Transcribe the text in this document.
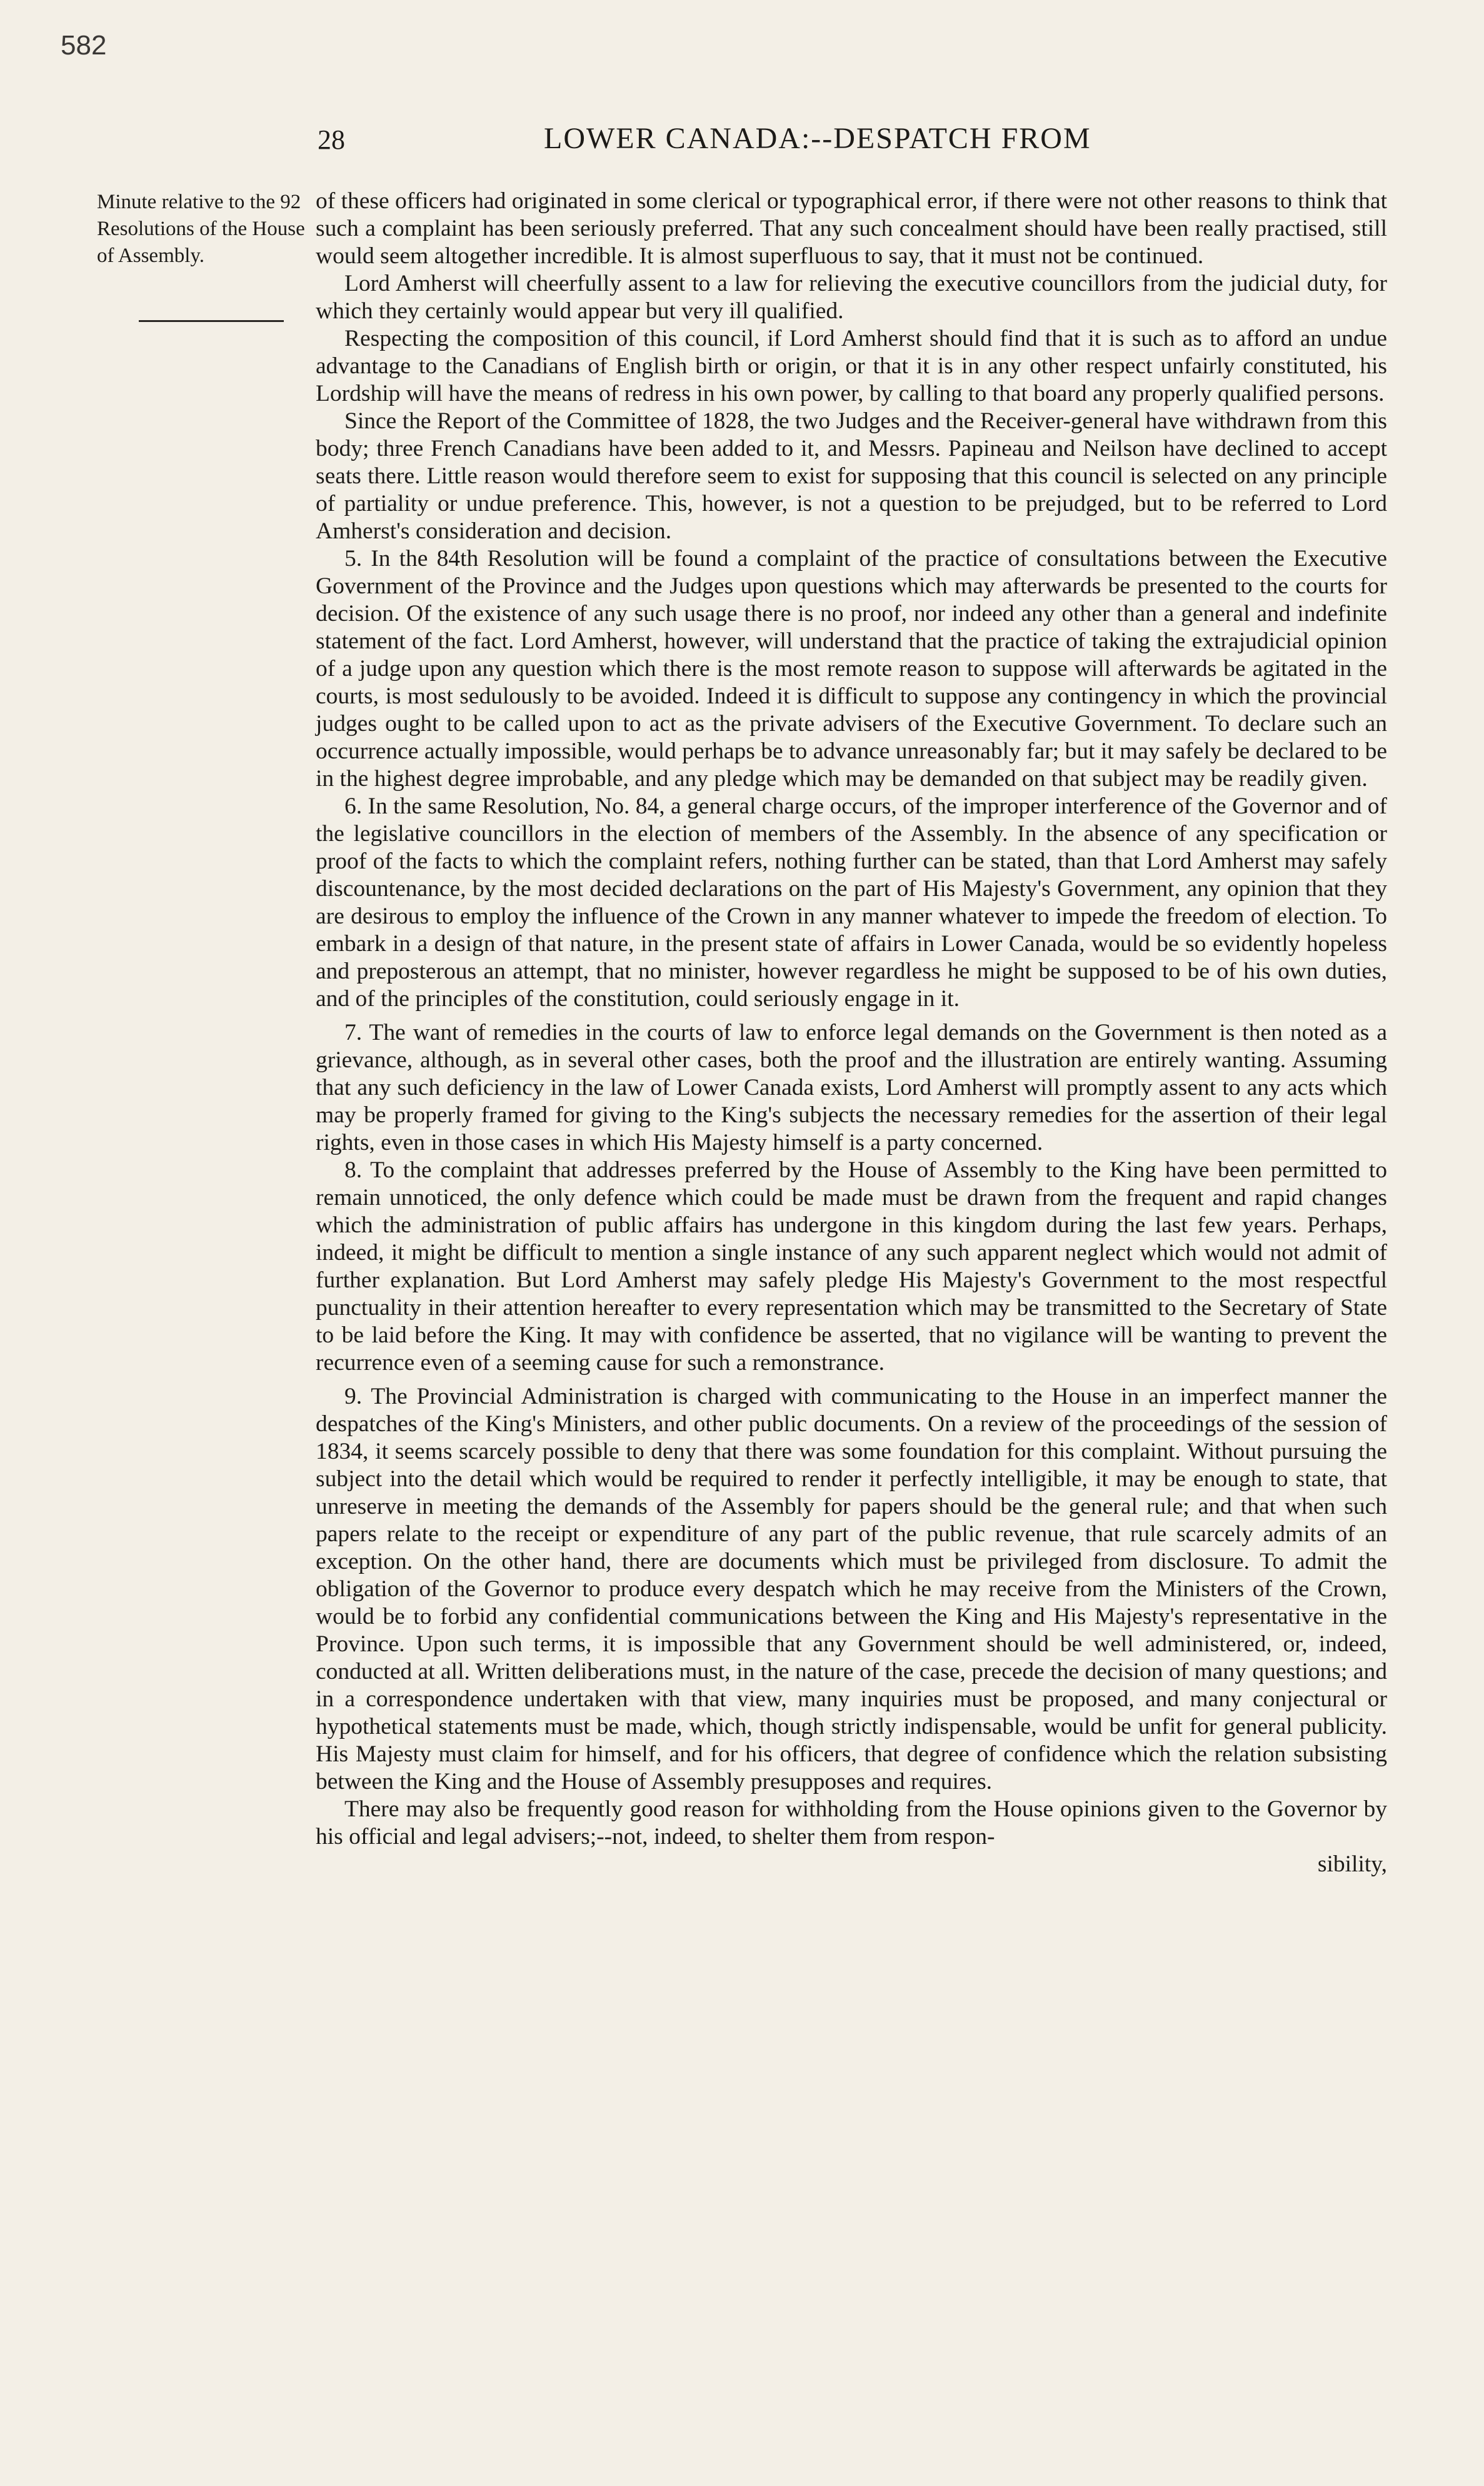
582
28	LOWER CANADA:--DESPATCH FROM
Minute relative to the 92 Resolutions of the House of Assembly.

of these officers had originated in some clerical or typographical error, if there were not other reasons to think that such a complaint has been seriously preferred. That any such concealment should have been really practised, still would seem altogether incredible. It is almost superfluous to say, that it must not be continued.

Lord Amherst will cheerfully assent to a law for relieving the executive councillors from the judicial duty, for which they certainly would appear but very ill qualified.

Respecting the composition of this council, if Lord Amherst should find that it is such as to afford an undue advantage to the Canadians of English birth or origin, or that it is in any other respect unfairly constituted, his Lordship will have the means of redress in his own power, by calling to that board any properly qualified persons.

Since the Report of the Committee of 1828, the two Judges and the Receiver-general have withdrawn from this body; three French Canadians have been added to it, and Messrs. Papineau and Neilson have declined to accept seats there. Little reason would therefore seem to exist for supposing that this council is selected on any principle of partiality or undue preference. This, however, is not a question to be prejudged, but to be referred to Lord Amherst's consideration and decision.

5. In the 84th Resolution will be found a complaint of the practice of consultations between the Executive Government of the Province and the Judges upon questions which may afterwards be presented to the courts for decision. Of the existence of any such usage there is no proof, nor indeed any other than a general and indefinite statement of the fact. Lord Amherst, however, will understand that the practice of taking the extrajudicial opinion of a judge upon any question which there is the most remote reason to suppose will afterwards be agitated in the courts, is most sedulously to be avoided. Indeed it is difficult to suppose any contingency in which the provincial judges ought to be called upon to act as the private advisers of the Executive Government. To declare such an occurrence actually impossible, would perhaps be to advance unreasonably far; but it may safely be declared to be in the highest degree improbable, and any pledge which may be demanded on that subject may be readily given.

6. In the same Resolution, No. 84, a general charge occurs, of the improper interference of the Governor and of the legislative councillors in the election of members of the Assembly. In the absence of any specification or proof of the facts to which the complaint refers, nothing further can be stated, than that Lord Amherst may safely discountenance, by the most decided declarations on the part of His Majesty's Government, any opinion that they are desirous to employ the influence of the Crown in any manner whatever to impede the freedom of election. To embark in a design of that nature, in the present state of affairs in Lower Canada, would be so evidently hopeless and preposterous an attempt, that no minister, however regardless he might be supposed to be of his own duties, and of the principles of the constitution, could seriously engage in it.

7. The want of remedies in the courts of law to enforce legal demands on the Government is then noted as a grievance, although, as in several other cases, both the proof and the illustration are entirely wanting. Assuming that any such deficiency in the law of Lower Canada exists, Lord Amherst will promptly assent to any acts which may be properly framed for giving to the King's subjects the necessary remedies for the assertion of their legal rights, even in those cases in which His Majesty himself is a party concerned.

8. To the complaint that addresses preferred by the House of Assembly to the King have been permitted to remain unnoticed, the only defence which could be made must be drawn from the frequent and rapid changes which the administration of public affairs has undergone in this kingdom during the last few years. Perhaps, indeed, it might be difficult to mention a single instance of any such apparent neglect which would not admit of further explanation. But Lord Amherst may safely pledge His Majesty's Government to the most respectful punctuality in their attention hereafter to every representation which may be transmitted to the Secretary of State to be laid before the King. It may with confidence be asserted, that no vigilance will be wanting to prevent the recurrence even of a seeming cause for such a remonstrance.

9. The Provincial Administration is charged with communicating to the House in an imperfect manner the despatches of the King's Ministers, and other public documents. On a review of the proceedings of the session of 1834, it seems scarcely possible to deny that there was some foundation for this complaint. Without pursuing the subject into the detail which would be required to render it perfectly intelligible, it may be enough to state, that unreserve in meeting the demands of the Assembly for papers should be the general rule; and that when such papers relate to the receipt or expenditure of any part of the public revenue, that rule scarcely admits of an exception. On the other hand, there are documents which must be privileged from disclosure. To admit the obligation of the Governor to produce every despatch which he may receive from the Ministers of the Crown, would be to forbid any confidential communications between the King and His Majesty's representative in the Province. Upon such terms, it is impossible that any Government should be well administered, or, indeed, conducted at all. Written deliberations must, in the nature of the case, precede the decision of many questions; and in a correspondence undertaken with that view, many inquiries must be proposed, and many conjectural or hypothetical statements must be made, which, though strictly indispensable, would be unfit for general publicity. His Majesty must claim for himself, and for his officers, that degree of confidence which the relation subsisting between the King and the House of Assembly presupposes and requires.

There may also be frequently good reason for withholding from the House opinions given to the Governor by his official and legal advisers;--not, indeed, to shelter them from respon-

sibility,
